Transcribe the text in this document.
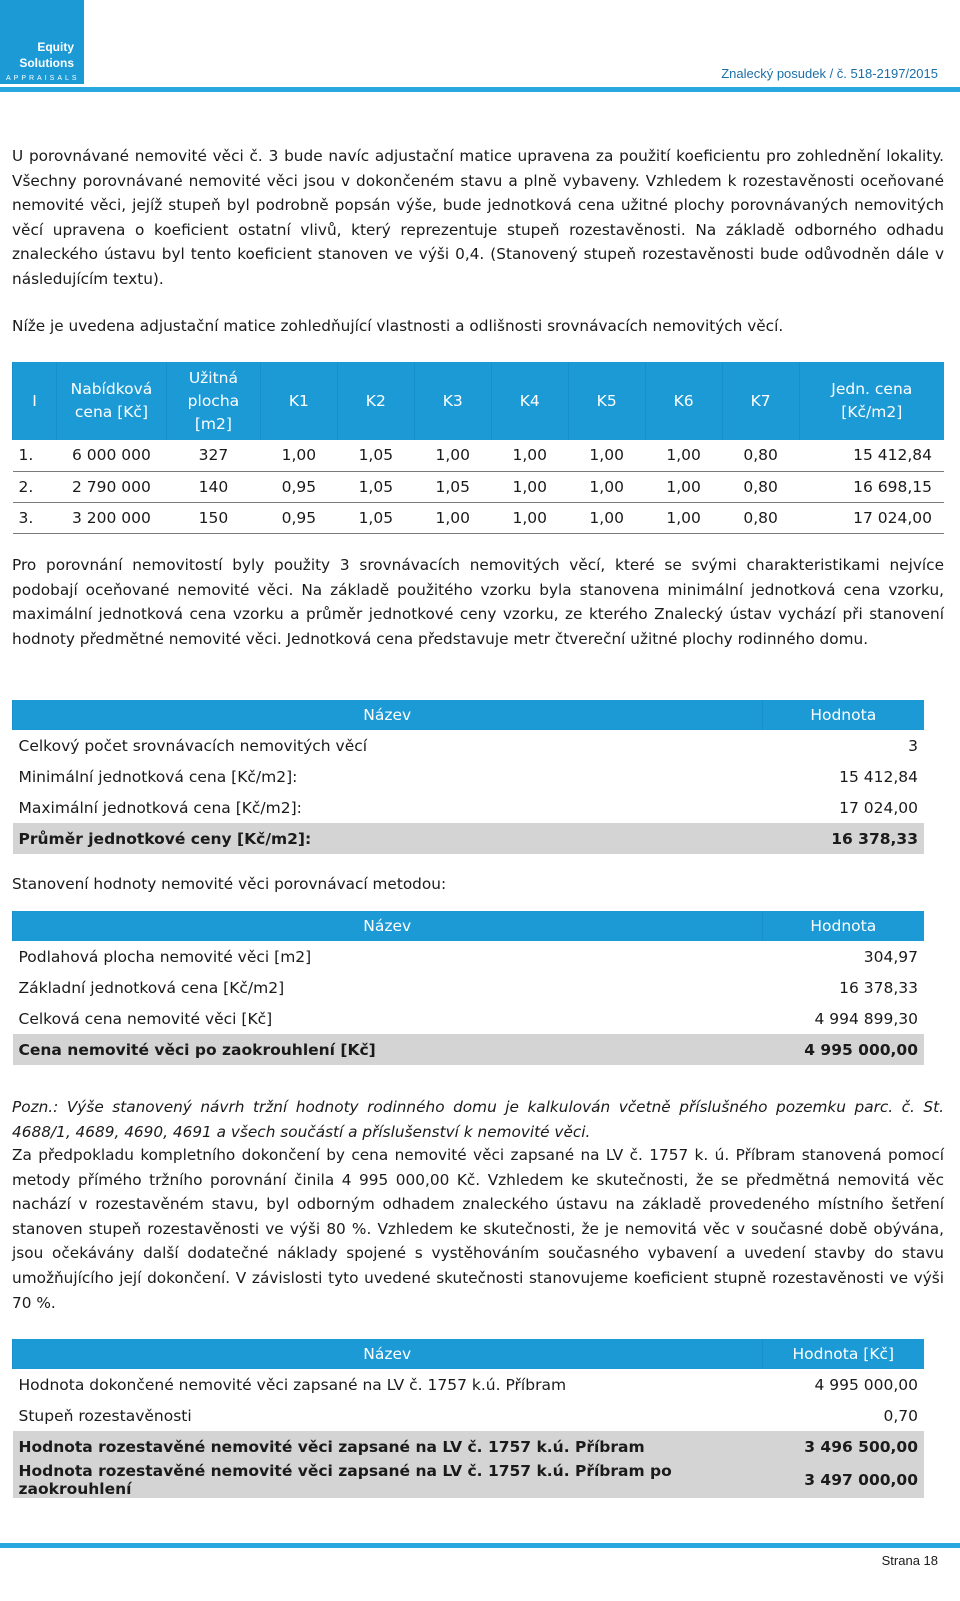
Equity
Solutions
APPRAISALS	Znalecký posudek / č. 518-2197/2015

U porovnávané nemovité věci č. 3 bude navíc adjustační matice upravena za použití koeficientu pro zohlednění lokality. Všechny porovnávané nemovité věci jsou v dokončeném stavu a plně vybaveny. Vzhledem k rozestavěnosti oceňované nemovité věci, jejíž stupeň byl podrobně popsán výše, bude jednotková cena užitné plochy porovnávaných nemovitých věcí upravena o koeficient ostatní vlivů, který reprezentuje stupeň rozestavěnosti. Na základě odborného odhadu znaleckého ústavu byl tento koeficient stanoven ve výši 0,4. (Stanovený stupeň rozestavěnosti bude odůvodněn dále v následujícím textu).

Níže je uvedena adjustační matice zohledňující vlastnosti a odlišnosti srovnávacích nemovitých věcí.

I	Nabídková cena [Kč]	Užitná plocha [m2]	K1	K2	K3	K4	K5	K6	K7	Jedn. cena [Kč/m2]
1.	6 000 000	327	1,00	1,05	1,00	1,00	1,00	1,00	0,80	15 412,84
2.	2 790 000	140	0,95	1,05	1,05	1,00	1,00	1,00	0,80	16 698,15
3.	3 200 000	150	0,95	1,05	1,00	1,00	1,00	1,00	0,80	17 024,00

Pro porovnání nemovitostí byly použity 3 srovnávacích nemovitých věcí, které se svými charakteristikami nejvíce podobají oceňované nemovité věci. Na základě použitého vzorku byla stanovena minimální jednotková cena vzorku, maximální jednotková cena vzorku a průměr jednotkové ceny vzorku, ze kterého Znalecký ústav vychází při stanovení hodnoty předmětné nemovité věci. Jednotková cena představuje metr čtvereční užitné plochy rodinného domu.

Název	Hodnota
Celkový počet srovnávacích nemovitých věcí	3
Minimální jednotková cena [Kč/m2]:	15 412,84
Maximální jednotková cena [Kč/m2]:	17 024,00
Průměr jednotkové ceny [Kč/m2]:	16 378,33

Stanovení hodnoty nemovité věci porovnávací metodou:

Název	Hodnota
Podlahová plocha nemovité věci [m2]	304,97
Základní jednotková cena [Kč/m2]	16 378,33
Celková cena nemovité věci [Kč]	4 994 899,30
Cena nemovité věci po zaokrouhlení [Kč]	4 995 000,00

Pozn.: Výše stanovený návrh tržní hodnoty rodinného domu je kalkulován včetně příslušného pozemku parc. č. St. 4688/1, 4689, 4690, 4691 a všech součástí a příslušenství k nemovité věci.

Za předpokladu kompletního dokončení by cena nemovité věci zapsané na LV č. 1757 k. ú. Příbram stanovená pomocí metody přímého tržního porovnání činila 4 995 000,00 Kč. Vzhledem ke skutečnosti, že se předmětná nemovitá věc nachází v rozestavěném stavu, byl odborným odhadem znaleckého ústavu na základě provedeného místního šetření stanoven stupeň rozestavěnosti ve výši 80 %. Vzhledem ke skutečnosti, že je nemovitá věc v současné době obývána, jsou očekávány další dodatečné náklady spojené s vystěhováním současného vybavení a uvedení stavby do stavu umožňujícího její dokončení. V závislosti tyto uvedené skutečnosti stanovujeme koeficient stupně rozestavěnosti ve výši 70 %.

Název	Hodnota [Kč]
Hodnota dokončené nemovité věci zapsané na LV č. 1757 k.ú. Příbram	4 995 000,00
Stupeň rozestavěnosti	0,70
Hodnota rozestavěné nemovité věci zapsané na LV č. 1757 k.ú. Příbram	3 496 500,00
Hodnota rozestavěné nemovité věci zapsané na LV č. 1757 k.ú. Příbram po zaokrouhlení	3 497 000,00
Strana 18
